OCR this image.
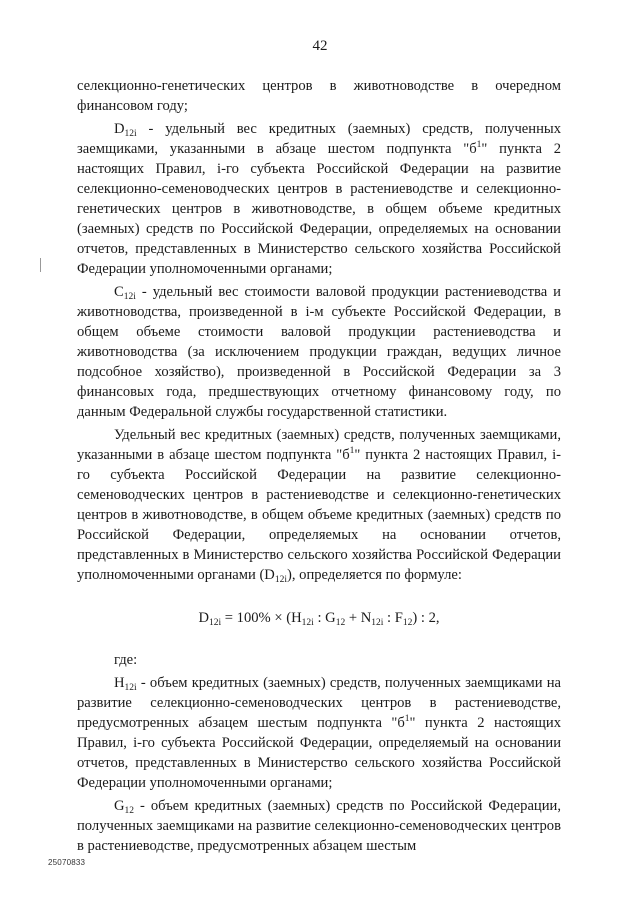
42

селекционно-генетических центров в животноводстве в очередном финансовом году;

$D_{12i}$ - удельный вес кредитных (заемных) средств, полученных заемщиками, указанными в абзаце шестом подпункта "$б^1$" пункта 2 настоящих Правил, i-го субъекта Российской Федерации на развитие селекционно-семеноводческих центров в растениеводстве и селекционно-генетических центров в животноводстве, в общем объеме кредитных (заемных) средств по Российской Федерации, определяемых на основании отчетов, представленных в Министерство сельского хозяйства Российской Федерации уполномоченными органами;

$C_{12i}$ - удельный вес стоимости валовой продукции растениеводства и животноводства, произведенной в i-м субъекте Российской Федерации, в общем объеме стоимости валовой продукции растениеводства и животноводства (за исключением продукции граждан, ведущих личное подсобное хозяйство), произведенной в Российской Федерации за 3 финансовых года, предшествующих отчетному финансовому году, по данным Федеральной службы государственной статистики.

Удельный вес кредитных (заемных) средств, полученных заемщиками, указанными в абзаце шестом подпункта "$б^1$" пункта 2 настоящих Правил, i-го субъекта Российской Федерации на развитие селекционно-семеноводческих центров в растениеводстве и селекционно-генетических центров в животноводстве, в общем объеме кредитных (заемных) средств по Российской Федерации, определяемых на основании отчетов, представленных в Министерство сельского хозяйства Российской Федерации уполномоченными органами $(D_{12i})$, определяется по формуле:

$D_{12i} = 100\% \times (H_{12i}$ : $G_{12} + N_{12i}$ : $F_{12}$) : 2,

где:

$H_{12i}$ - объем кредитных (заемных) средств, полученных заемщиками на развитие селекционно-семеноводческих центров в растениеводстве, предусмотренных абзацем шестым подпункта "$б^1$" пункта 2 настоящих Правил, i-го субъекта Российской Федерации, определяемый на основании отчетов, представленных в Министерство сельского хозяйства Российской Федерации уполномоченными органами;

$G_{12}$ - объем кредитных (заемных) средств по Российской Федерации, полученных заемщиками на развитие селекционно-семеноводческих центров в растениеводстве, предусмотренных абзацем шестым

25070833
